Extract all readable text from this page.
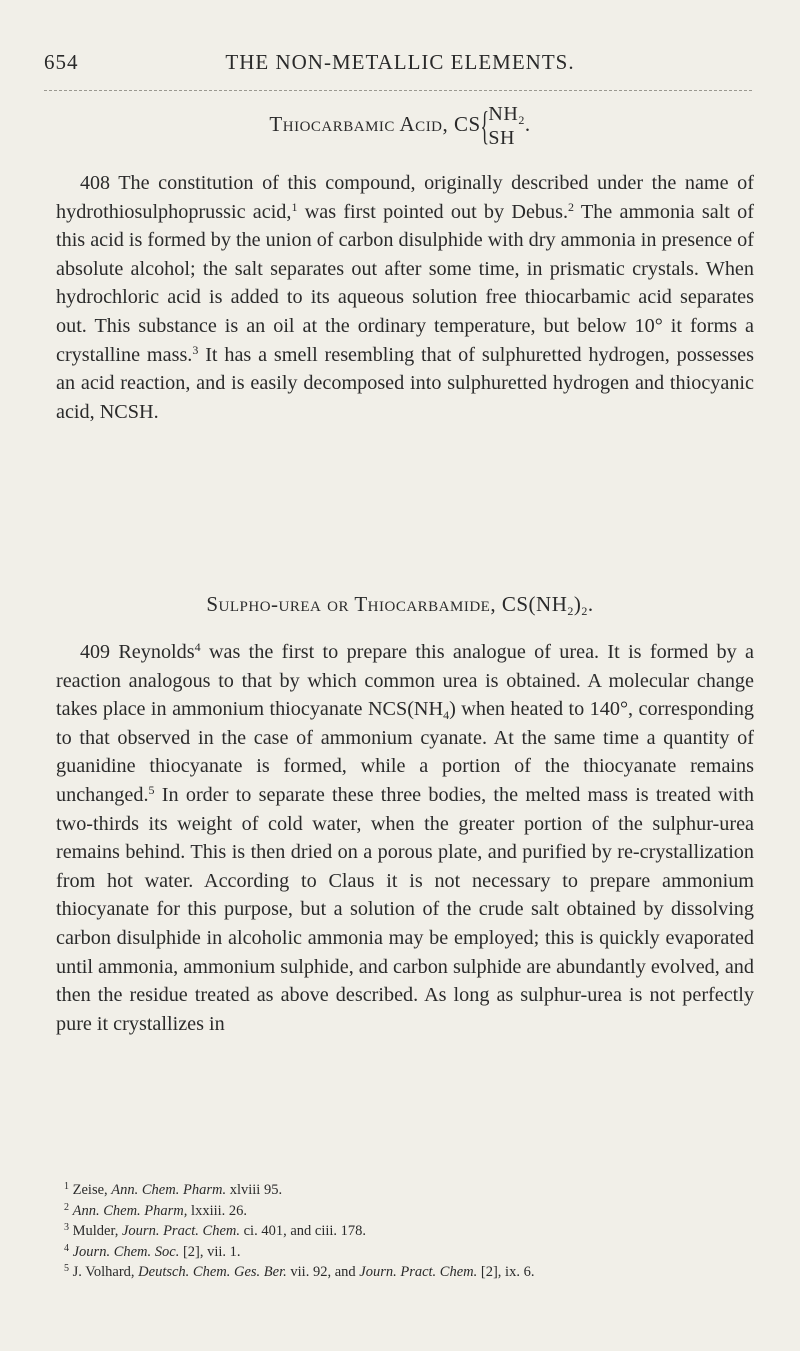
654	THE NON-METALLIC ELEMENTS.
Thiocarbamic Acid, $CS\{NH_2$
SH.

408 The constitution of this compound, originally described under the name of hydrothiosulphoprussic acid,$^1$ was first pointed out by Debus.$^2$ The ammonia salt of this acid is formed by the union of carbon disulphide with dry ammonia in presence of absolute alcohol; the salt separates out after some time, in prismatic crystals. When hydrochloric acid is added to its aqueous solution free thiocarbamic acid separates out. This substance is an oil at the ordinary temperature, but below 10° it forms a crystalline mass.$^3$ It has a smell resembling that of sulphuretted hydrogen, possesses an acid reaction, and is easily decomposed into sulphuretted hydrogen and thiocyanic acid, NCSH.

Sulpho-urea or Thiocarbamide, $CS(NH_2)_2$.

409 Reynolds$^4$ was the first to prepare this analogue of urea. It is formed by a reaction analogous to that by which common urea is obtained. A molecular change takes place in ammonium thiocyanate $NCS(NH_4)$ when heated to 140°, corresponding to that observed in the case of ammonium cyanate. At the same time a quantity of guanidine thiocyanate is formed, while a portion of the thiocyanate remains unchanged.$^5$ In order to separate these three bodies, the melted mass is treated with two-thirds its weight of cold water, when the greater portion of the sulphur-urea remains behind. This is then dried on a porous plate, and purified by re-crystallization from hot water. According to Claus it is not necessary to prepare ammonium thiocyanate for this purpose, but a solution of the crude salt obtained by dissolving carbon disulphide in alcoholic ammonia may be employed; this is quickly evaporated until ammonia, ammonium sulphide, and carbon sulphide are abundantly evolved, and then the residue treated as above described. As long as sulphur-urea is not perfectly pure it crystallizes in

$^1$ Zeise, Ann. Chem. Pharm. xlviii 95.
$^2$ Ann. Chem. Pharm, lxxiii. 26.
$^3$ Mulder, Journ. Pract. Chem. ci. 401, and ciii. 178.
$^4$ Journ. Chem. Soc. [2], vii. 1.
$^5$ J. Volhard, Deutsch. Chem. Ges. Ber. vii. 92, and Journ. Pract. Chem. [2], ix. 6.
